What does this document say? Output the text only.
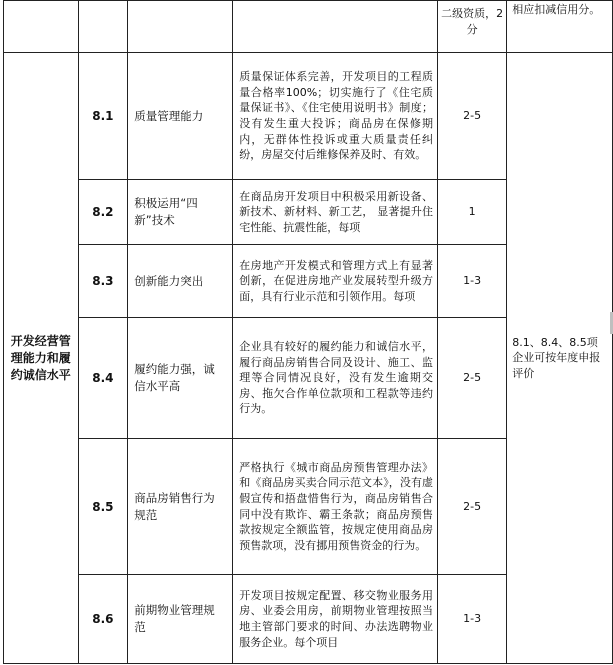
				二级资质，2分	相应扣减信用分。
开发经营管理能力和履约诚信水平	8.1	质量管理能力	质量保证体系完善，开发项目的工程质量合格率100%；切实施行了《住宅质量保证书》、《住宅使用说明书》制度；没有发生重大投诉；商品房在保修期内，无群体性投诉或重大质量责任纠纷，房屋交付后维修保养及时、有效。	2-5	8.1、8.4、8.5项企业可按年度申报评价
	8.2	积极运用“四新”技术	在商品房开发项目中积极采用新设备、新技术、新材料、新工艺， 显著提升住宅性能、抗震性能，每项	1	
	8.3	创新能力突出	在房地产开发模式和管理方式上有显著创新，在促进房地产业发展转型升级方面，具有行业示范和引领作用。每项	1-3	
	8.4	履约能力强，诚信水平高	企业具有较好的履约能力和诚信水平，履行商品房销售合同及设计、施工、监理等合同情况良好，没有发生逾期交房、拖欠合作单位款项和工程款等违约行为。	2-5	
	8.5	商品房销售行为规范	严格执行《城市商品房预售管理办法》和《商品房买卖合同示范文本》，没有虚假宣传和捂盘惜售行为，商品房销售合同中没有欺诈、霸王条款；商品房预售款按规定全额监管，按规定使用商品房预售款项，没有挪用预售资金的行为。	2-5	
	8.6	前期物业管理规范	开发项目按规定配置、移交物业服务用房、业委会用房，前期物业管理按照当地主管部门要求的时间、办法选聘物业服务企业。每个项目	1-3	
